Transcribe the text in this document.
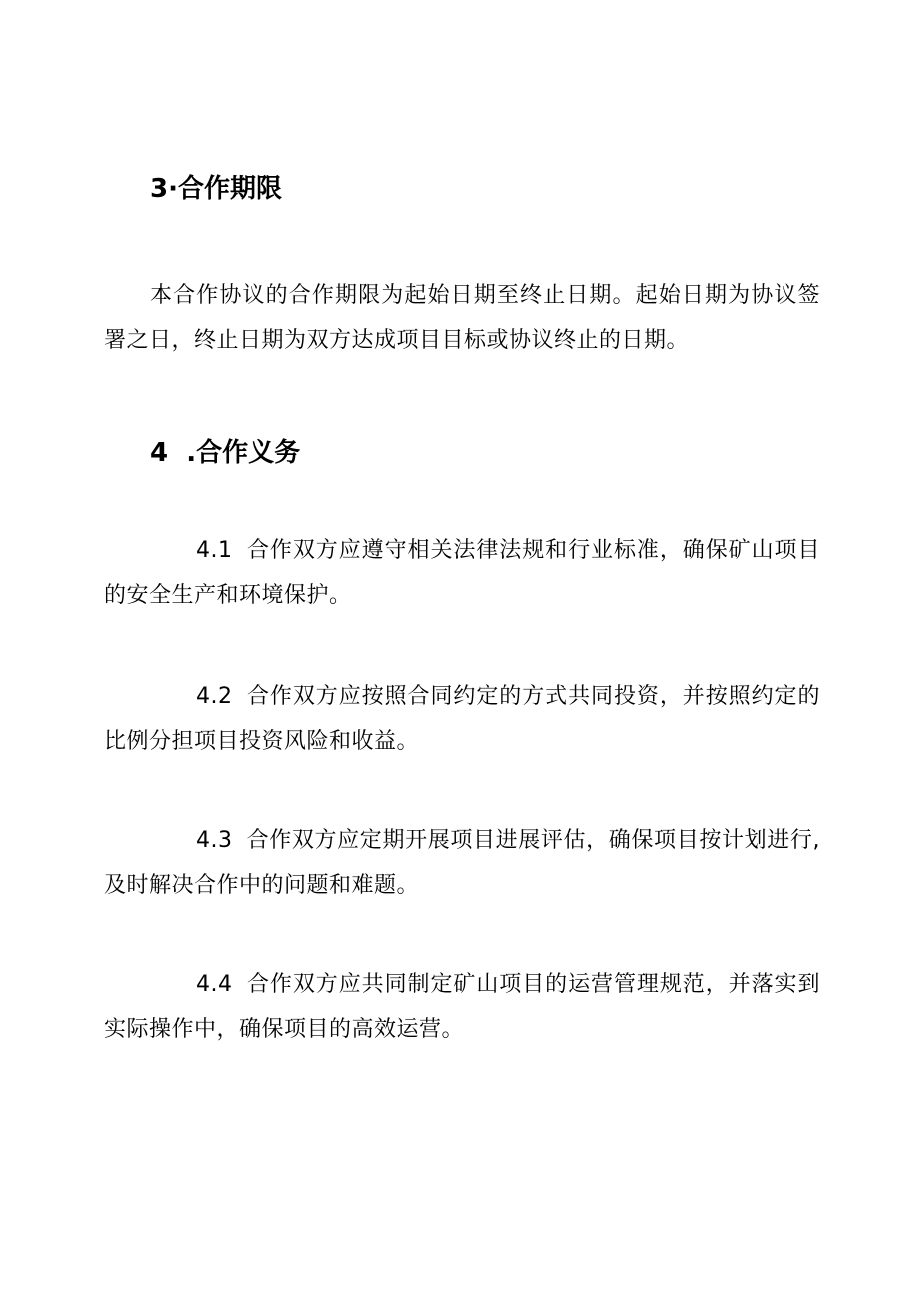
3·合作期限
本合作协议的合作期限为起始日期至终止日期。起始日期为协议签署之日，终止日期为双方达成项目目标或协议终止的日期。
4  .合作义务
4.1 合作双方应遵守相关法律法规和行业标准，确保矿山项目的安全生产和环境保护。
4.2 合作双方应按照合同约定的方式共同投资，并按照约定的比例分担项目投资风险和收益。
4.3 合作双方应定期开展项目进展评估，确保项目按计划进行, 及时解决合作中的问题和难题。
4.4 合作双方应共同制定矿山项目的运营管理规范，并落实到实际操作中，确保项目的高效运营。
